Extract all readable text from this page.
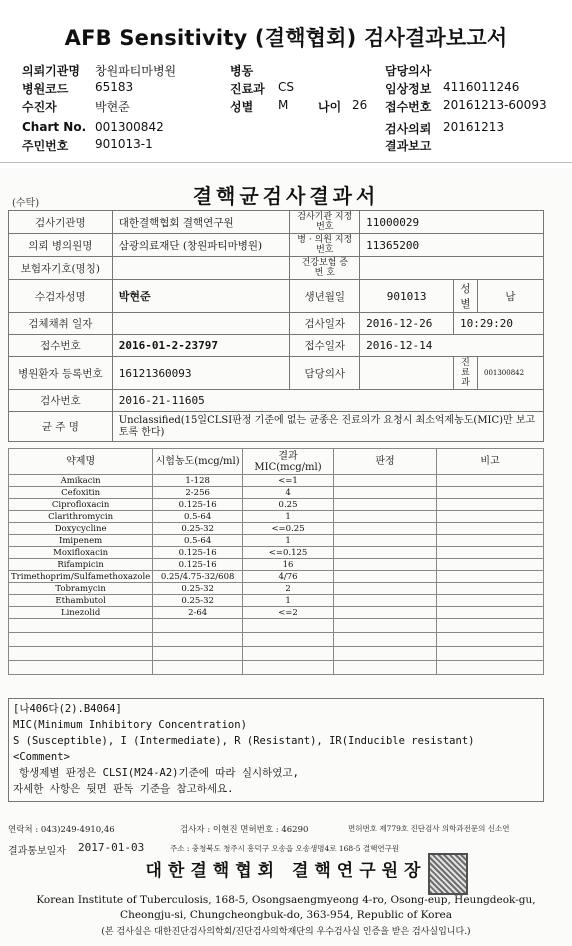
AFB Sensitivity (결핵협회) 검사결과보고서
의뢰기관명 창원파티마병원	병동	담당의사
병원코드 65183	진료과 CS	임상정보 4116011246
수진자	박현준	성별 M 나이 26 접수번호 20161213-60093
Chart No. 001300842	검사의뢰 20161213
주민번호 901013-1	결과보고
(수탁)	결핵균검사결과서
검사기관명	대한결핵협회 결핵연구원	검사기관 지정번호	11000029		
의뢰 병의원명	삼광의료재단 (창원파티마병원)	병 · 의원 지정번호	11365200		
보험자기호(명칭)		건강보험 증 번 호			
수검자성명	박현준	생년월일	901013	성별	남
검체채취 일자		검사일자	2016-12-26	10:29:20	
접수번호	2016-01-2-23797	접수일자	2016-12-14		
병원환자 등록번호	16121360093	담당의사		진료과	001300842
검사번호	2016-21-11605				
균 주 명	Unclassified(15일CLSI판정 기준에 없는 균종은 진료의가 요청시 최소억제농도(MIC)만 보고토록 한다)				
약제명	시험농도(mcg/ml)	결과 MIC(mcg/ml)	판정	비고
Amikacin	1-128	<=1		
Cefoxitin	2-256	4		
Ciprofloxacin	0.125-16	0.25		
Clarithromycin	0.5-64	1		
Doxycycline	0.25-32	<=0.25		
Imipenem	0.5-64	1		
Moxifloxacin	0.125-16	<=0.125		
Rifampicin	0.125-16	16		
Trimethoprim/Sulfamethoxazole	0.25/4.75-32/608	4/76		
Tobramycin	0.25-32	2		
Ethambutol	0.25-32	1		
Linezolid	2-64	<=2		

[나406다(2).B4064]
MIC(Minimum Inhibitory Concentration)
S (Susceptible), I (Intermediate), R (Resistant), IR(Inducible resistant)
<Comment>
항생제별 판정은 CLSI(M24-A2)기준에 따라 실시하였고,
자세한 사항은 뒷면 판독 기준을 참고하세요.
연락처 : 043)249-4910,46	검사자 : 이현진 면허번호 : 46290	면허번호 제779호 진단검사 의학과전문의 신소연
결과통보일자 2017-01-03	주소 : 충청북도 청주시 흥덕구 오송읍 오송생명4로 168-5 결핵연구원
대한결핵협회 결핵연구원장
Korean Institute of Tuberculosis, 168-5, Osongsaengmyeong 4-ro, Osong-eup, Heungdeok-gu,
Cheongju-si, Chungcheongbuk-do, 363-954, Republic of Korea
(본 검사실은 대한진단검사의학회/진단검사의학재단의 우수검사실 인증을 받은 검사실입니다.)
